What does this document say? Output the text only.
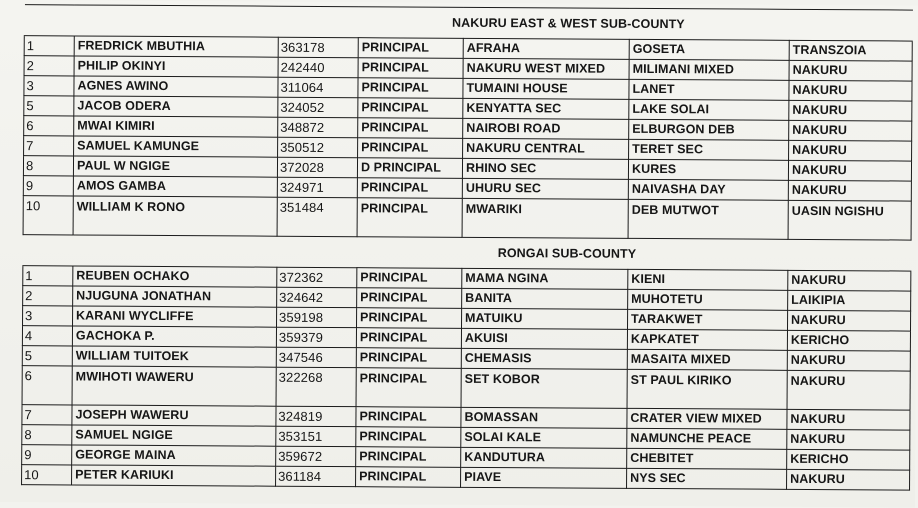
NAKURU EAST & WEST SUB-COUNTY						

1	FREDRICK MBUTHIA	363178	PRINCIPAL	AFRAHA	GOSETA	TRANSZOIA

2	PHILIP OKINYI	242440	PRINCIPAL	NAKURU WEST MIXED	MILIMANI MIXED	NAKURU

3	AGNES AWINO	311064	PRINCIPAL	TUMAINI HOUSE	LANET	NAKURU

5	JACOB ODERA	324052	PRINCIPAL	KENYATTA SEC	LAKE SOLAI	NAKURU

6	MWAI KIMIRI	348872	PRINCIPAL	NAIROBI ROAD	ELBURGON DEB	NAKURU

7	SAMUEL KAMUNGE	350512	PRINCIPAL	NAKURU CENTRAL	TERET SEC	NAKURU

8	PAUL W NGIGE	372028	D PRINCIPAL	RHINO SEC	KURES	NAKURU

9	AMOS GAMBA	324971	PRINCIPAL	UHURU SEC	NAIVASHA DAY	NAKURU

10	WILLIAM K RONO	351484	PRINCIPAL	MWARIKI	DEB MUTWOT	UASIN NGISHU

RONGAI SUB-COUNTY						

1	REUBEN OCHAKO	372362	PRINCIPAL	MAMA NGINA	KIENI	NAKURU

2	NJUGUNA JONATHAN	324642	PRINCIPAL	BANITA	MUHOTETU	LAIKIPIA

3	KARANI WYCLIFFE	359198	PRINCIPAL	MATUIKU	TARAKWET	NAKURU

4	GACHOKA P.	359379	PRINCIPAL	AKUISI	KAPKATET	KERICHO

5	WILLIAM TUITOEK	347546	PRINCIPAL	CHEMASIS	MASAITA MIXED	NAKURU

6	MWIHOTI WAWERU	322268	PRINCIPAL	SET KOBOR	ST PAUL KIRIKO	NAKURU

7	JOSEPH WAWERU	324819	PRINCIPAL	BOMASSAN	CRATER VIEW MIXED	NAKURU

8	SAMUEL NGIGE	353151	PRINCIPAL	SOLAI KALE	NAMUNCHE PEACE	NAKURU

9	GEORGE MAINA	359672	PRINCIPAL	KANDUTURA	CHEBITET	KERICHO

10	PETER KARIUKI	361184	PRINCIPAL	PIAVE	NYS SEC	NAKURU
